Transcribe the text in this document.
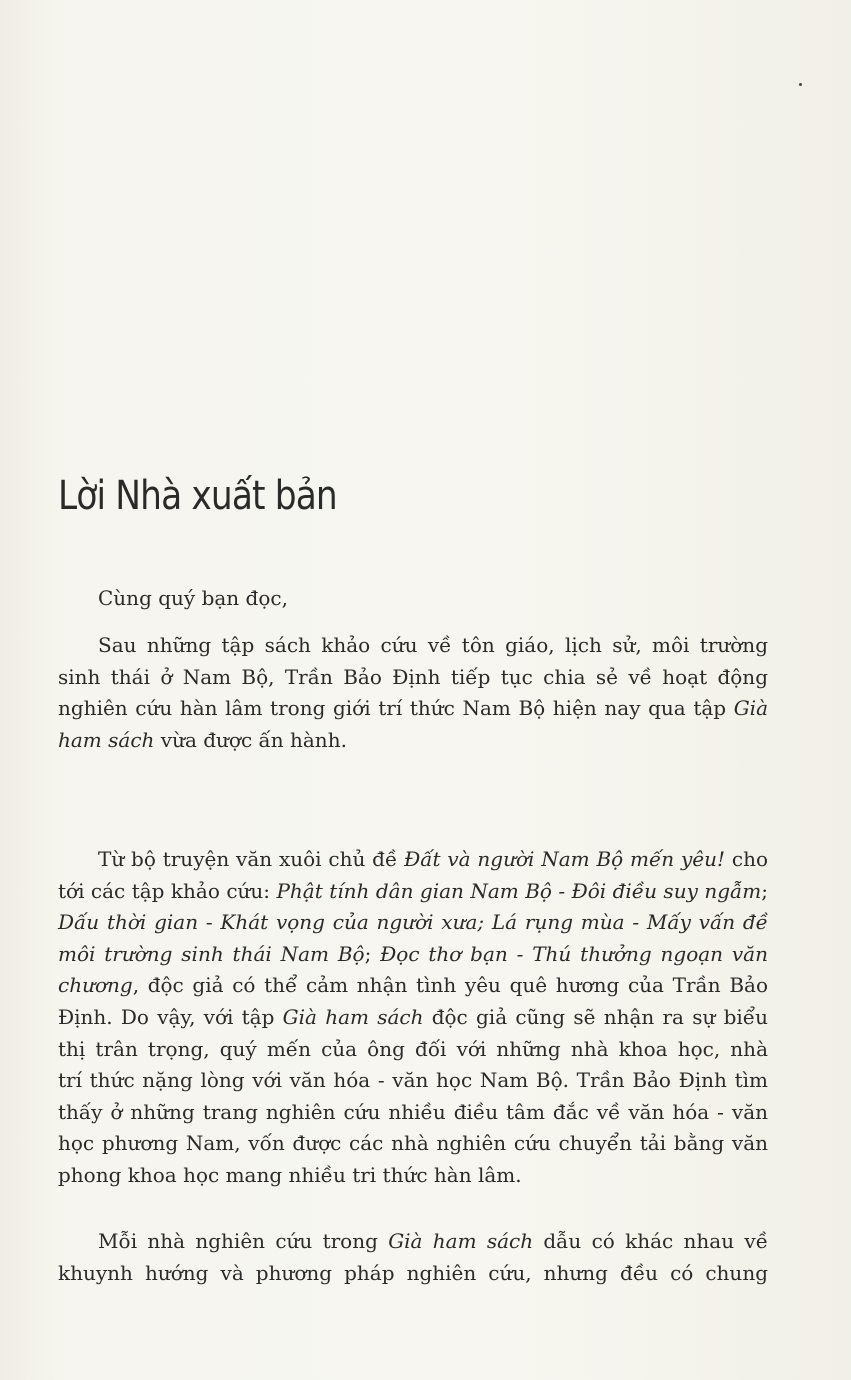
Lời Nhà xuất bản
Cùng quý bạn đọc,
Sau những tập sách khảo cứu về tôn giáo, lịch sử, môi trường
sinh thái ở Nam Bộ, Trần Bảo Định tiếp tục chia sẻ về hoạt động
nghiên cứu hàn lâm trong giới trí thức Nam Bộ hiện nay qua tập Già
ham sách vừa được ấn hành.
Từ bộ truyện văn xuôi chủ đề Đất và người Nam Bộ mến yêu! cho
tới các tập khảo cứu: Phật tính dân gian Nam Bộ - Đôi điều suy ngẫm;
Dấu thời gian - Khát vọng của người xưa; Lá rụng mùa - Mấy vấn đề
môi trường sinh thái Nam Bộ; Đọc thơ bạn - Thú thưởng ngoạn văn
chương, độc giả có thể cảm nhận tình yêu quê hương của Trần Bảo
Định. Do vậy, với tập Già ham sách độc giả cũng sẽ nhận ra sự biểu
thị trân trọng, quý mến của ông đối với những nhà khoa học, nhà
trí thức nặng lòng với văn hóa - văn học Nam Bộ. Trần Bảo Định tìm
thấy ở những trang nghiên cứu nhiều điều tâm đắc về văn hóa - văn
học phương Nam, vốn được các nhà nghiên cứu chuyển tải bằng văn
phong khoa học mang nhiều tri thức hàn lâm.
Mỗi nhà nghiên cứu trong Già ham sách dẫu có khác nhau về
khuynh hướng và phương pháp nghiên cứu, nhưng đều có chung
